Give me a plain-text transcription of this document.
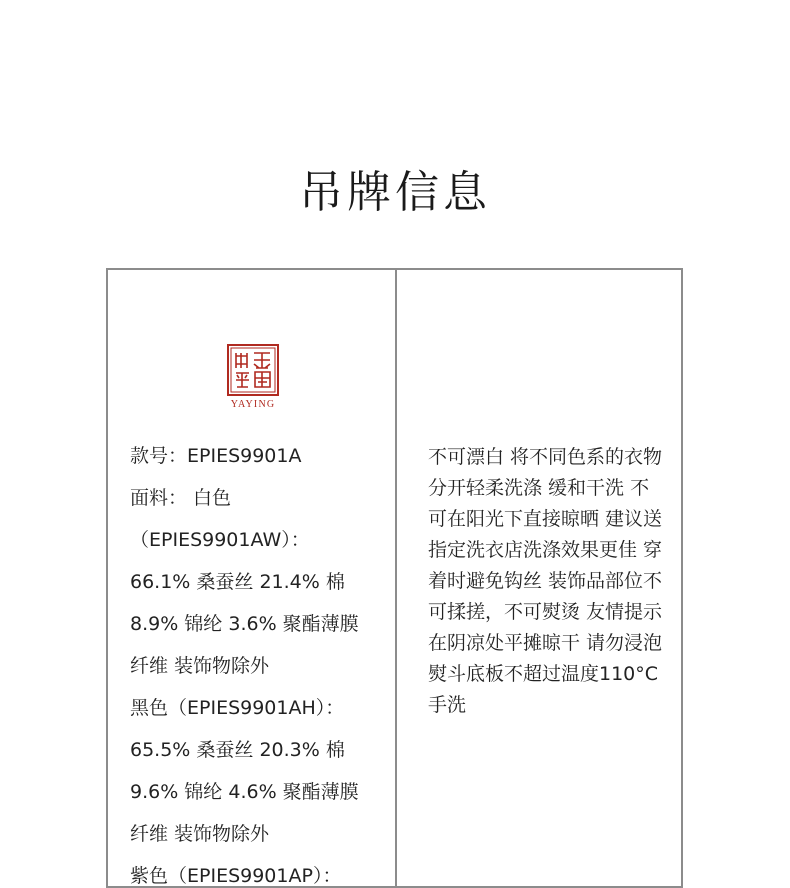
吊牌信息
YAYING
款号：EPIES9901A
面料： 白色
（EPIES9901AW）：
66.1% 桑蚕丝 21.4% 棉
8.9% 锦纶 3.6% 聚酯薄膜
纤维 装饰物除外
黑色（EPIES9901AH）：
65.5% 桑蚕丝 20.3% 棉
9.6% 锦纶 4.6% 聚酯薄膜
纤维 装饰物除外
紫色（EPIES9901AP）：
不可漂白 将不同色系的衣物
分开轻柔洗涤 缓和干洗 不
可在阳光下直接晾晒 建议送
指定洗衣店洗涤效果更佳 穿
着时避免钩丝 装饰品部位不
可揉搓，不可熨烫 友情提示
在阴凉处平摊晾干 请勿浸泡
熨斗底板不超过温度110°C
手洗
